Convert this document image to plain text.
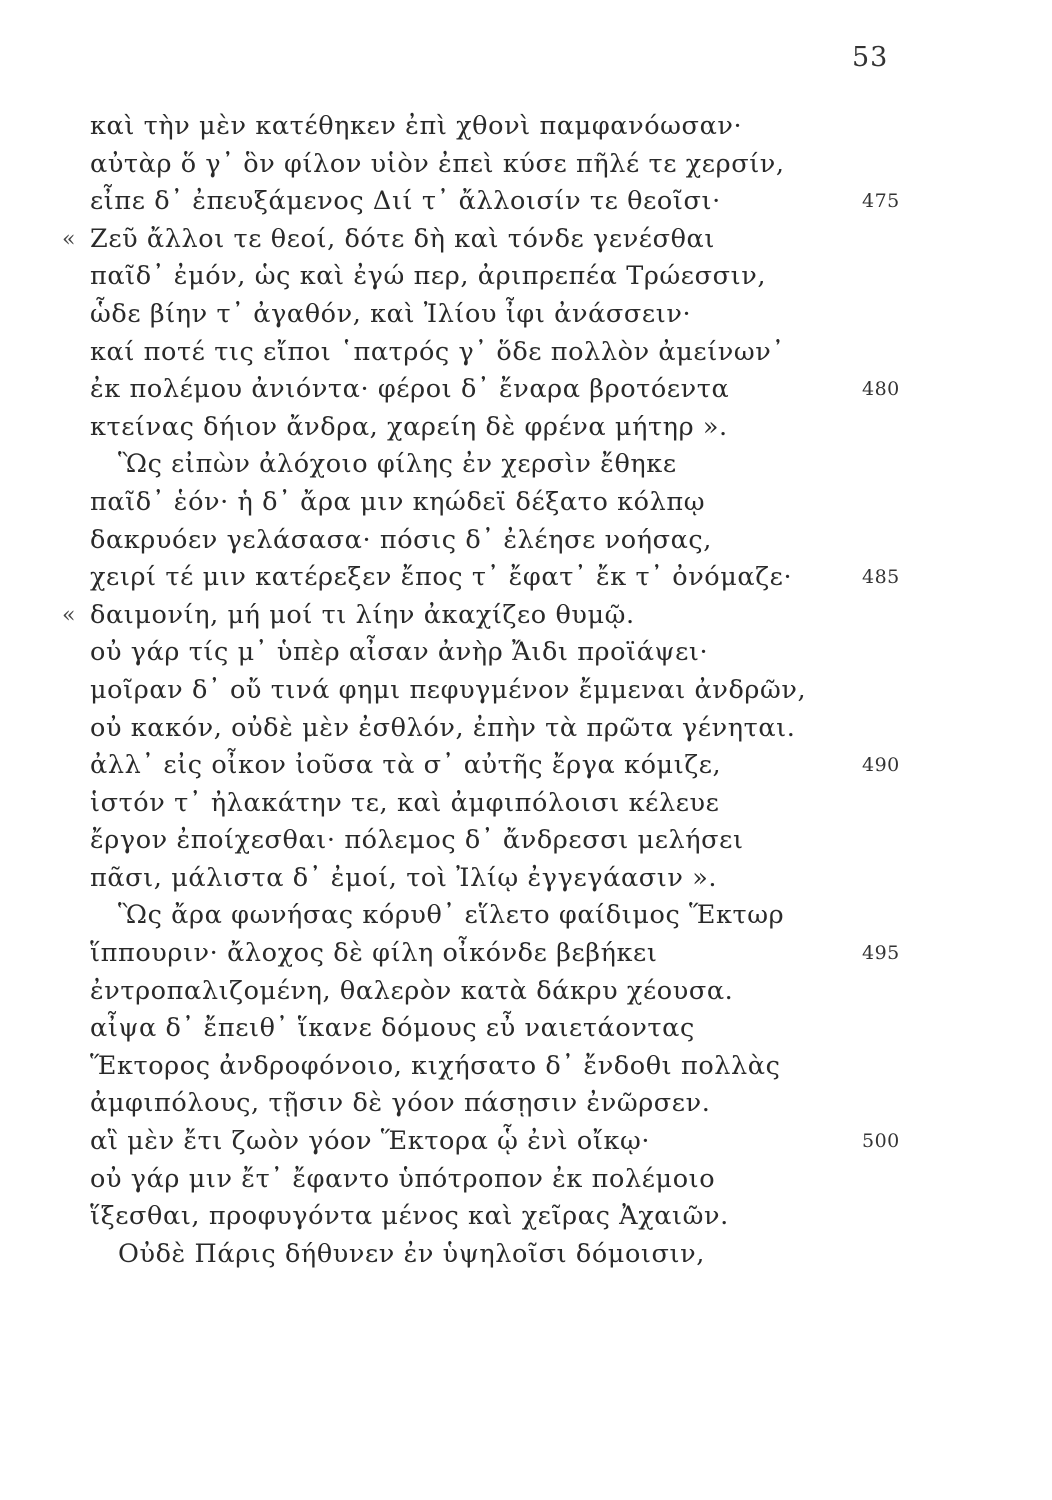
53
καὶ τὴν μὲν κατέθηκεν ἐπὶ χθονὶ παμφανόωσαν·
αὐτὰρ ὅ γ᾽ ὃν φίλον υἱὸν ἐπεὶ κύσε πῆλέ τε χερσίν,
εἶπε δ᾽ ἐπευξάμενος Διί τ᾽ ἄλλοισίν τε θεοῖσι·	475
« Ζεῦ ἄλλοι τε θεοί, δότε δὴ καὶ τόνδε γενέσθαι
παῖδ᾽ ἐμόν, ὡς καὶ ἐγώ περ, ἀριπρεπέα Τρώεσσιν,
ὧδε βίην τ᾽ ἀγαθόν, καὶ Ἰλίου ἶφι ἀνάσσειν·
καί ποτέ τις εἴποι ῾πατρός γ᾽ ὅδε πολλὸν ἀμείνων᾽
ἐκ πολέμου ἀνιόντα· φέροι δ᾽ ἔναρα βροτόεντα	480
κτείνας δήιον ἄνδρα, χαρείη δὲ φρένα μήτηρ ».
Ὣς εἰπὼν ἀλόχοιο φίλης ἐν χερσὶν ἔθηκε
παῖδ᾽ ἑόν· ἡ δ᾽ ἄρα μιν κηώδεϊ δέξατο κόλπῳ
δακρυόεν γελάσασα· πόσις δ᾽ ἐλέησε νοήσας,
χειρί τέ μιν κατέρεξεν ἔπος τ᾽ ἔφατ᾽ ἔκ τ᾽ ὀνόμαζε·	485
« δαιμονίη, μή μοί τι λίην ἀκαχίζεο θυμῷ.
οὐ γάρ τίς μ᾽ ὑπὲρ αἶσαν ἀνὴρ Ἄιδι προϊάψει·
μοῖραν δ᾽ οὔ τινά φημι πεφυγμένον ἔμμεναι ἀνδρῶν,
οὐ κακόν, οὐδὲ μὲν ἐσθλόν, ἐπὴν τὰ πρῶτα γένηται.
ἀλλ᾽ εἰς οἶκον ἰοῦσα τὰ σ᾽ αὐτῆς ἔργα κόμιζε,	490
ἱστόν τ᾽ ἠλακάτην τε, καὶ ἀμφιπόλοισι κέλευε
ἔργον ἐποίχεσθαι· πόλεμος δ᾽ ἄνδρεσσι μελήσει
πᾶσι, μάλιστα δ᾽ ἐμοί, τοὶ Ἰλίῳ ἐγγεγάασιν ».
Ὣς ἄρα φωνήσας κόρυθ᾽ εἵλετο φαίδιμος Ἕκτωρ
ἵππουριν· ἄλοχος δὲ φίλη οἶκόνδε βεβήκει	495
ἐντροπαλιζομένη, θαλερὸν κατὰ δάκρυ χέουσα.
αἶψα δ᾽ ἔπειθ᾽ ἵκανε δόμους εὖ ναιετάοντας
Ἕκτορος ἀνδροφόνοιο, κιχήσατο δ᾽ ἔνδοθι πολλὰς
ἀμφιπόλους, τῇσιν δὲ γόον πάσῃσιν ἐνῶρσεν.
αἳ μὲν ἔτι ζωὸν γόον Ἕκτορα ᾧ ἐνὶ οἴκῳ·	500
οὐ γάρ μιν ἔτ᾽ ἔφαντο ὑπότροπον ἐκ πολέμοιο
ἵξεσθαι, προφυγόντα μένος καὶ χεῖρας Ἀχαιῶν.
Οὐδὲ Πάρις δήθυνεν ἐν ὑψηλοῖσι δόμοισιν,
